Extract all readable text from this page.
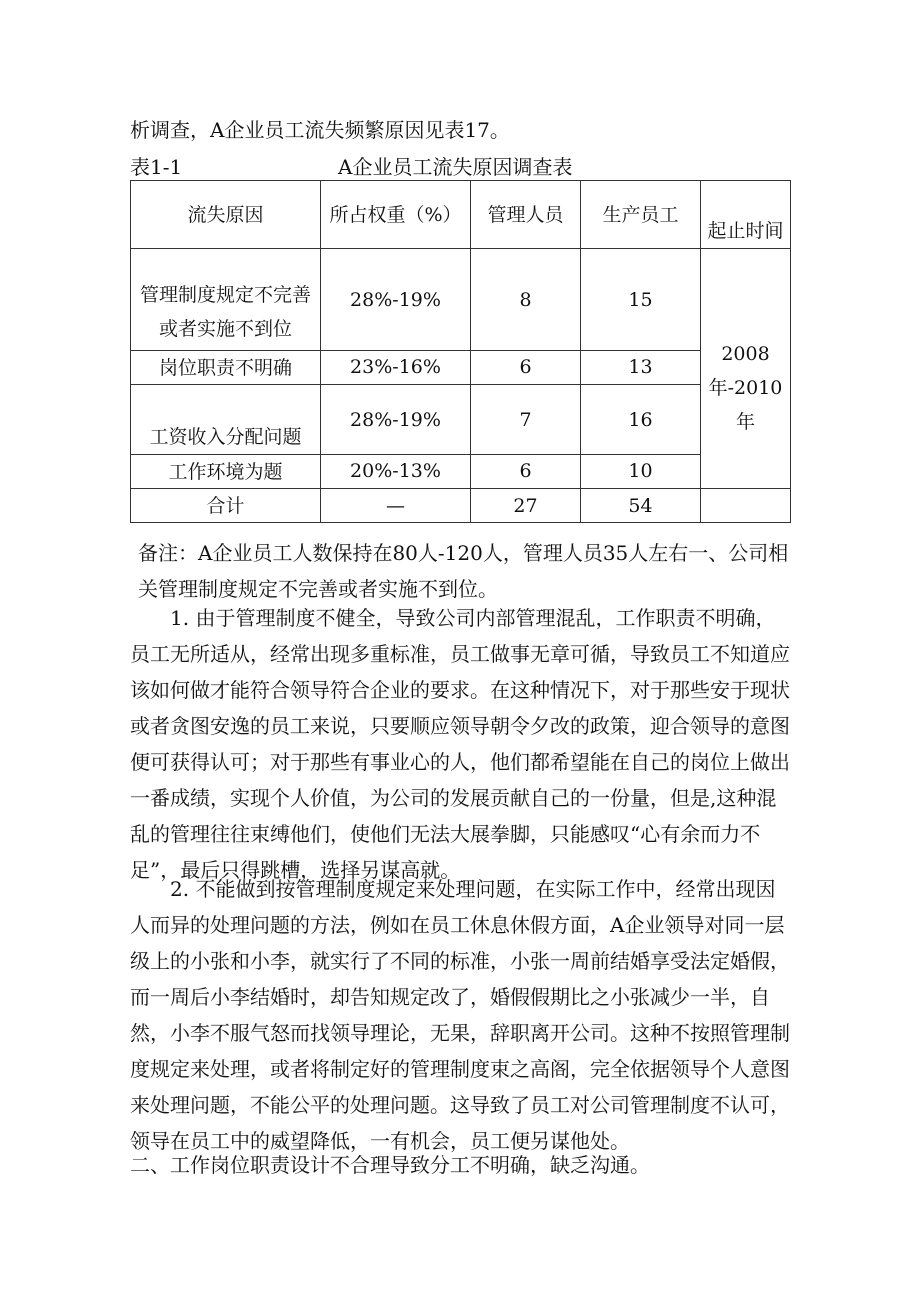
析调查，A企业员工流失频繁原因见表17。
表1-1	A企业员工流失原因调查表
流失原因	所占权重（%）	管理人员	生产员工	起止时间
管理制度规定不完善或者实施不到位	28%-19%	8	15	2008年-2010年
岗位职责不明确	23%-16%	6	13	
工资收入分配问题	28%-19%	7	16	
工作环境为题	20%-13%	6	10	
合计	—	27	54	
备注：A企业员工人数保持在80人-120人，管理人员35人左右一、公司相关管理制度规定不完善或者实施不到位。
1. 由于管理制度不健全，导致公司内部管理混乱，工作职责不明确，员工无所适从，经常出现多重标准，员工做事无章可循，导致员工不知道应该如何做才能符合领导符合企业的要求。在这种情况下，对于那些安于现状或者贪图安逸的员工来说，只要顺应领导朝令夕改的政策，迎合领导的意图便可获得认可；对于那些有事业心的人，他们都希望能在自己的岗位上做出一番成绩，实现个人价值，为公司的发展贡献自己的一份量，但是,这种混乱的管理往往束缚他们，使他们无法大展拳脚，只能感叹“心有余而力不足”，最后只得跳槽，选择另谋高就。
2. 不能做到按管理制度规定来处理问题，在实际工作中，经常出现因人而异的处理问题的方法，例如在员工休息休假方面，A企业领导对同一层级上的小张和小李，就实行了不同的标准，小张一周前结婚享受法定婚假，而一周后小李结婚时，却告知规定改了，婚假假期比之小张减少一半，自然，小李不服气怒而找领导理论，无果，辞职离开公司。这种不按照管理制度规定来处理，或者将制定好的管理制度束之高阁，完全依据领导个人意图来处理问题，不能公平的处理问题。这导致了员工对公司管理制度不认可，领导在员工中的威望降低，一有机会，员工便另谋他处。
二、工作岗位职责设计不合理导致分工不明确，缺乏沟通。
